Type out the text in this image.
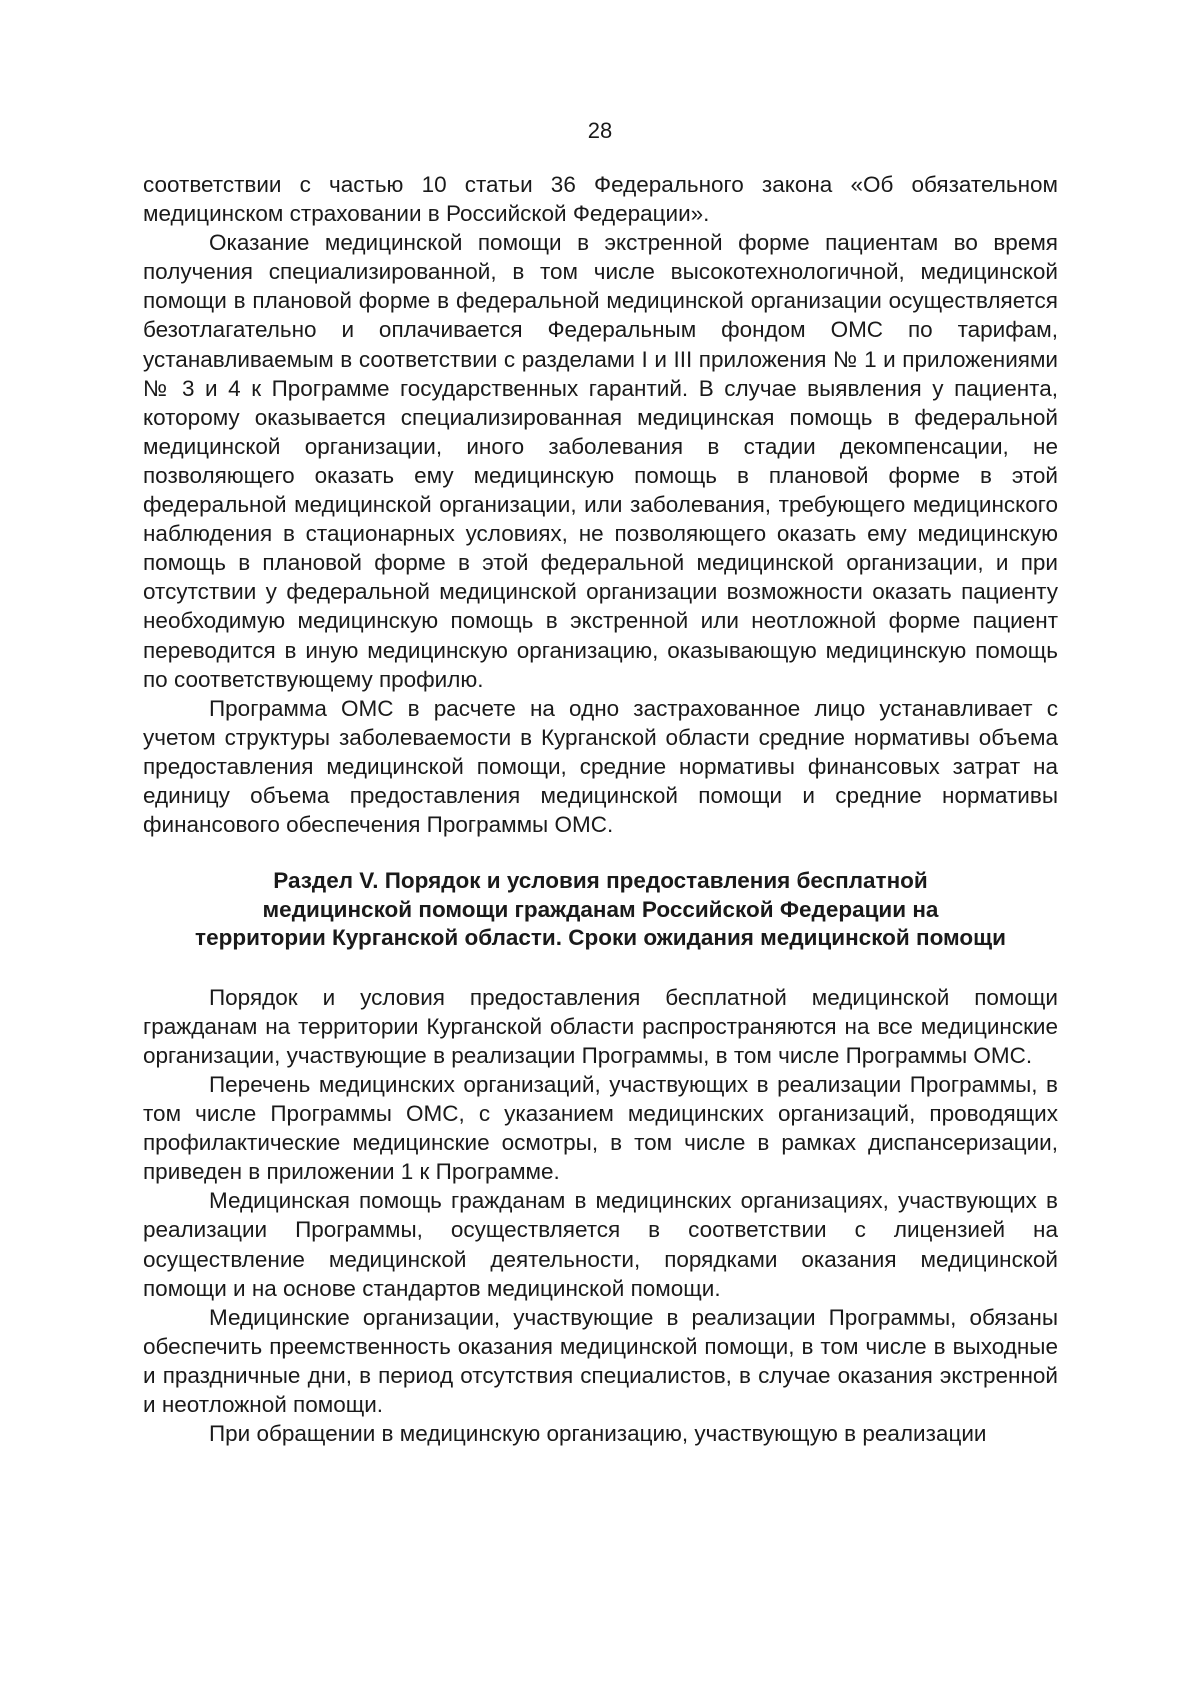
28

соответствии с частью 10 статьи 36 Федерального закона «Об обязательном медицинском страховании в Российской Федерации».

Оказание медицинской помощи в экстренной форме пациентам во время получения специализированной, в том числе высокотехнологичной, медицинской помощи в плановой форме в федеральной медицинской организации осуществляется безотлагательно и оплачивается Федеральным фондом ОМС по тарифам, устанавливаемым в соответствии с разделами I и III приложения № 1 и приложениями № 3 и 4 к Программе государственных гарантий. В случае выявления у пациента, которому оказывается специализированная медицинская помощь в федеральной медицинской организации, иного заболевания в стадии декомпенсации, не позволяющего оказать ему медицинскую помощь в плановой форме в этой федеральной медицинской организации, или заболевания, требующего медицинского наблюдения в стационарных условиях, не позволяющего оказать ему медицинскую помощь в плановой форме в этой федеральной медицинской организации, и при отсутствии у федеральной медицинской организации возможности оказать пациенту необходимую медицинскую помощь в экстренной или неотложной форме пациент переводится в иную медицинскую организацию, оказывающую медицинскую помощь по соответствующему профилю.

Программа ОМС в расчете на одно застрахованное лицо устанавливает с учетом структуры заболеваемости в Курганской области средние нормативы объема предоставления медицинской помощи, средние нормативы финансовых затрат на единицу объема предоставления медицинской помощи и средние нормативы финансового обеспечения Программы ОМС.

Раздел V. Порядок и условия предоставления бесплатной
медицинской помощи гражданам Российской Федерации на
территории Курганской области. Сроки ожидания медицинской помощи

Порядок и условия предоставления бесплатной медицинской помощи гражданам на территории Курганской области распространяются на все медицинские организации, участвующие в реализации Программы, в том числе Программы ОМС.

Перечень медицинских организаций, участвующих в реализации Программы, в том числе Программы ОМС, с указанием медицинских организаций, проводящих профилактические медицинские осмотры, в том числе в рамках диспансеризации, приведен в приложении 1 к Программе.

Медицинская помощь гражданам в медицинских организациях, участвующих в реализации Программы, осуществляется в соответствии с лицензией на осуществление медицинской деятельности, порядками оказания медицинской помощи и на основе стандартов медицинской помощи.

Медицинские организации, участвующие в реализации Программы, обязаны обеспечить преемственность оказания медицинской помощи, в том числе в выходные и праздничные дни, в период отсутствия специалистов, в случае оказания экстренной и неотложной помощи.

При обращении в медицинскую организацию, участвующую в реализации
